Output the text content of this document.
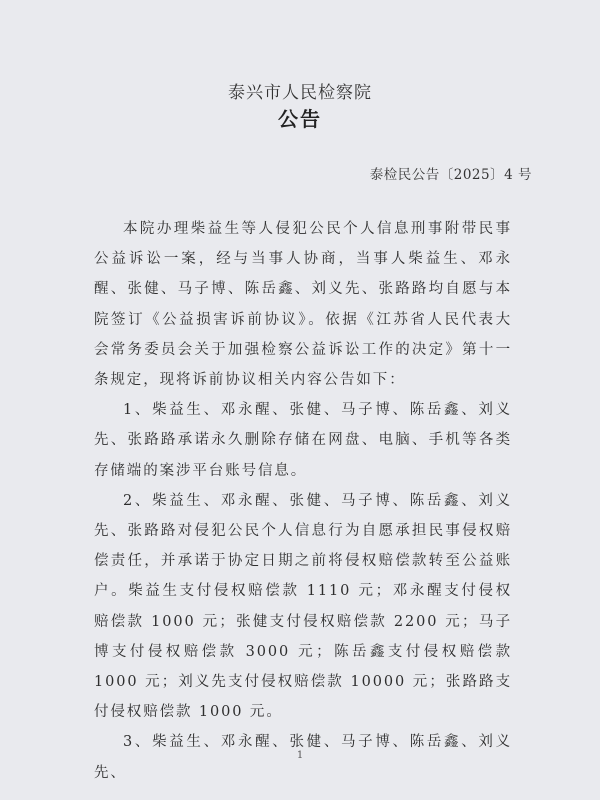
泰兴市人民检察院
公告
泰检民公告〔2025〕4 号

本院办理柴益生等人侵犯公民个人信息刑事附带民事公益诉讼一案，经与当事人协商，当事人柴益生、邓永醒、张健、马子博、陈岳鑫、刘义先、张路路均自愿与本院签订《公益损害诉前协议》。依据《江苏省人民代表大会常务委员会关于加强检察公益诉讼工作的决定》第十一条规定，现将诉前协议相关内容公告如下：

1、柴益生、邓永醒、张健、马子博、陈岳鑫、刘义先、张路路承诺永久删除存储在网盘、电脑、手机等各类存储端的案涉平台账号信息。

2、柴益生、邓永醒、张健、马子博、陈岳鑫、刘义先、张路路对侵犯公民个人信息行为自愿承担民事侵权赔偿责任，并承诺于协定日期之前将侵权赔偿款转至公益账户。柴益生支付侵权赔偿款 1110 元；邓永醒支付侵权赔偿款 1000 元；张健支付侵权赔偿款 2200 元；马子博支付侵权赔偿款 3000 元；陈岳鑫支付侵权赔偿款 1000 元；刘义先支付侵权赔偿款 10000 元；张路路支付侵权赔偿款 1000 元。

3、柴益生、邓永醒、张健、马子博、陈岳鑫、刘义先、

1
